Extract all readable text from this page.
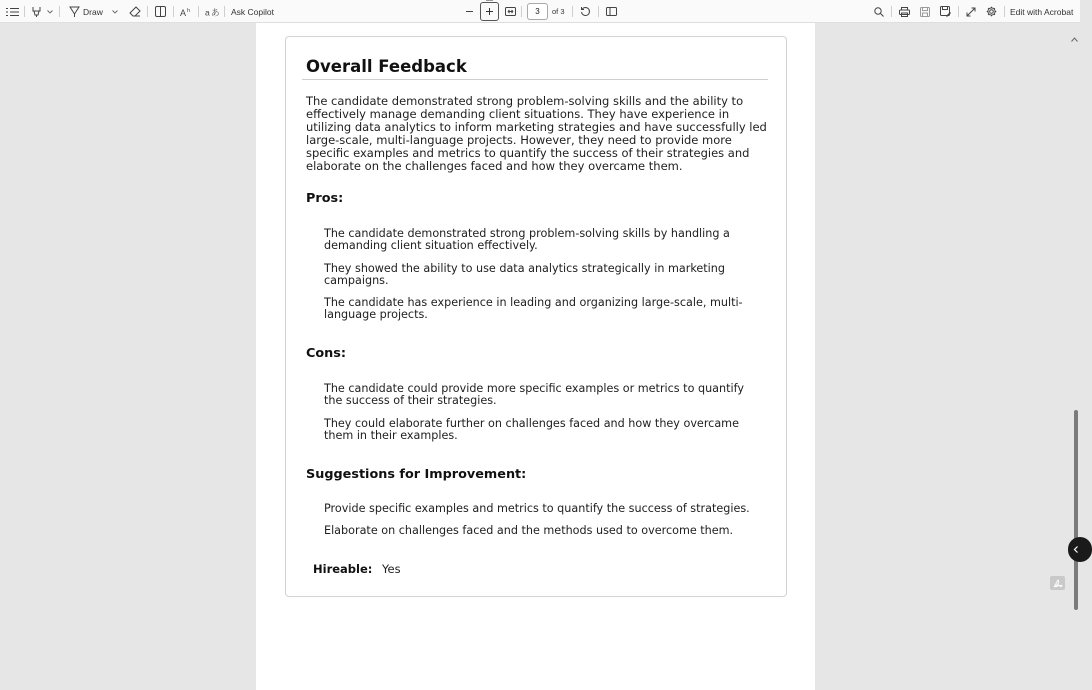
Draw	A h a あ Ask Copilot
3	of 3	Edit with Acrobat
Overall Feedback
The candidate demonstrated strong problem-solving skills and the ability to effectively manage demanding client situations. They have experience in utilizing data analytics to inform marketing strategies and have successfully led large-scale, multi-language projects. However, they need to provide more specific examples and metrics to quantify the success of their strategies and elaborate on the challenges faced and how they overcame them.
Pros:
The candidate demonstrated strong problem-solving skills by handling a demanding client situation effectively.
They showed the ability to use data analytics strategically in marketing campaigns.
The candidate has experience in leading and organizing large-scale, multi-language projects.
Cons:
The candidate could provide more specific examples or metrics to quantify the success of their strategies.
They could elaborate further on challenges faced and how they overcame them in their examples.
Suggestions for Improvement:
Provide specific examples and metrics to quantify the success of strategies.
Elaborate on challenges faced and the methods used to overcome them.
Hireable: Yes
